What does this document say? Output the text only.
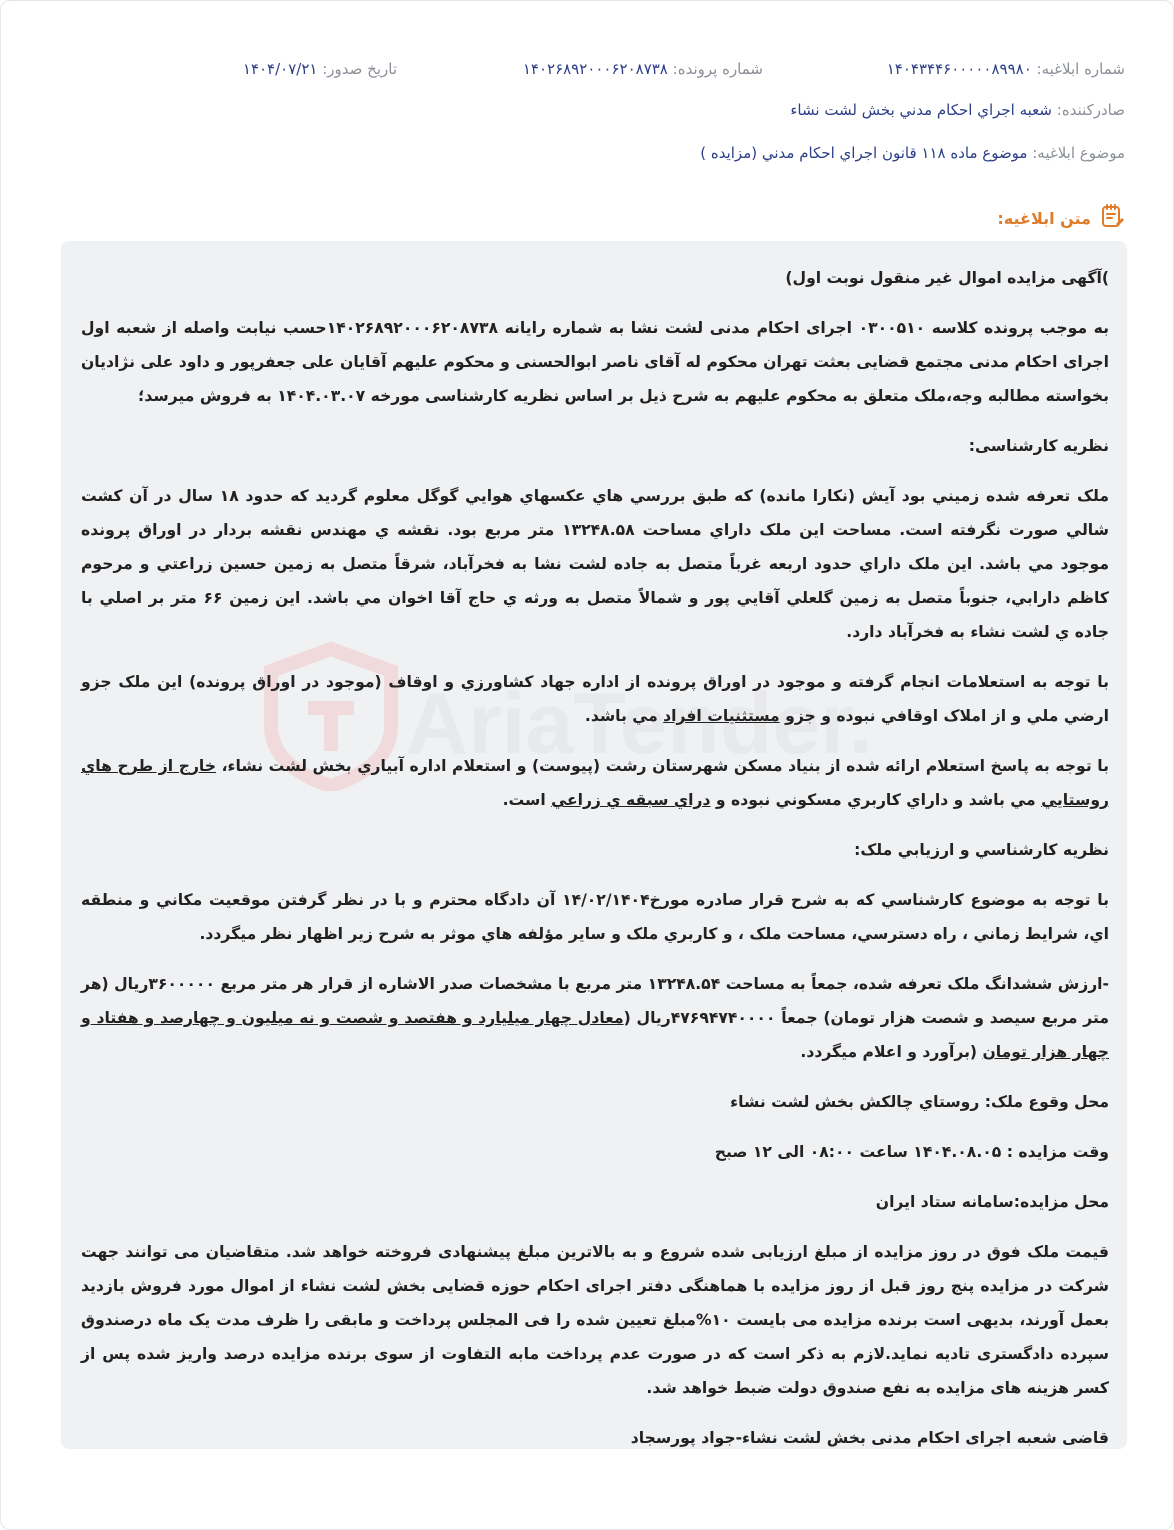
شماره ابلاغیه: ۱۴۰۴۳۴۴۶۰۰۰۰۰۸۹۹۸۰
شماره پرونده: ۱۴۰۲۶۸۹۲۰۰۰۶۲۰۸۷۳۸
تاریخ صدور: ۱۴۰۴/۰۷/۲۱
صادرکننده: شعبه اجراي احکام مدني بخش لشت نشاء
موضوع ابلاغیه: موضوع ماده ۱۱۸ قانون اجراي احکام مدني (مزايده )
متن ابلاغیه:
AriaTender.

)آگهی مزایده اموال غیر منقول نوبت اول)

به موجب پرونده کلاسه ۰۳۰۰۵۱۰ اجرای احکام مدنی لشت نشا به شماره رایانه ۱۴۰۲۶۸۹۲۰۰۰۶۲۰۸۷۳۸حسب نیابت واصله از شعبه اول اجرای احکام مدنی مجتمع قضایی بعثت تهران محکوم له آقای ناصر ابوالحسنی و محکوم علیهم آقایان علی جعفرپور و داود علی نژادیان بخواسته مطالبه وجه،ملک متعلق به محکوم علیهم به شرح ذیل بر اساس نظریه کارشناسی مورخه ۱۴۰۴.۰۳.۰۷ به فروش میرسد؛

نظریه کارشناسی:

ملک تعرفه شده زميني بود آيش (نکارا مانده) که طبق بررسي هاي عکسهاي هوايي گوگل معلوم گرديد که حدود ۱۸ سال در آن کشت شالي صورت نگرفته است. مساحت اين ملک داراي مساحت ۱۳۲۴۸.۵۸ متر مربع بود. نقشه ي مهندس نقشه بردار در اوراق پرونده موجود مي باشد. اين ملک داراي حدود اربعه غرباً متصل به جاده لشت نشا به فخرآباد، شرقاً متصل به زمين حسين زراعتي و مرحوم کاظم دارابي، جنوباً متصل به زمين گلعلي آقايي پور و شمالاً متصل به ورثه ي حاج آقا اخوان مي باشد. اين زمين ۶۶ متر بر اصلي با جاده ي لشت نشاء به فخرآباد دارد.

با توجه به استعلامات انجام گرفته و موجود در اوراق پرونده از اداره جهاد کشاورزي و اوقاف (موجود در اوراق پرونده) اين ملک جزو ارضي ملي و از املاک اوقافي نبوده و جزو مستثنيات افراد مي باشد.

با توجه به پاسخ استعلام ارائه شده از بنياد مسکن شهرستان رشت (پيوست) و استعلام اداره آبياري بخش لشت نشاء، خارج از طرح هاي روستايي مي باشد و داراي کاربري مسکوني نبوده و دراي سبقه ي زراعي است.

نظريه کارشناسي و ارزيابي ملک:

با توجه به موضوع کارشناسي که به شرح قرار صادره مورخ۱۴/۰۲/۱۴۰۴ آن دادگاه محترم و با در نظر گرفتن موقعيت مکاني و منطقه اي، شرايط زماني ، راه دسترسي، مساحت ملک ، و کاربري ملک و ساير مؤلفه هاي موثر به شرح زير اظهار نظر ميگردد.

-ارزش ششدانگ ملک تعرفه شده، جمعاً به مساحت ۱۳۲۴۸.۵۴ متر مربع با مشخصات صدر الاشاره از قرار هر متر مربع ۳۶۰۰۰۰۰ريال (هر متر مربع سيصد و شصت هزار تومان) جمعاً ۴۷۶۹۴۷۴۰۰۰۰ريال (معادل چهار ميليارد و هفتصد و شصت و نه ميليون و چهارصد و هفتاد و چهار هزار تومان (برآورد و اعلام ميگردد.

محل وقوع ملک: روستاي چالکش بخش لشت نشاء

وقت مزايده : ۱۴۰۴.۰۸.۰۵ ساعت ۰۸:۰۰ الی ۱۲ صبح

محل مزايده:سامانه ستاد ايران

قیمت ملک فوق در روز مزایده از مبلغ ارزیابی شده شروع و به بالاترین مبلغ پیشنهادی فروخته خواهد شد. متقاضیان می توانند جهت شرکت در مزایده پنج روز قبل از روز مزایده با هماهنگی دفتر اجرای احکام حوزه قضایی بخش لشت نشاء از اموال مورد فروش بازدید بعمل آورند، بدیهی است برنده مزایده می بایست ۱۰%مبلغ تعیین شده را فی المجلس پرداخت و مابقی را ظرف مدت یک ماه درصندوق سپرده دادگستری تادیه نماید.لازم به ذکر است که در صورت عدم پرداخت مابه التفاوت از سوی برنده مزایده درصد واریز شده پس از کسر هزینه های مزایده به نفع صندوق دولت ضبط خواهد شد.

قاضی شعبه اجرای احکام مدنی بخش لشت نشاء-جواد پورسجاد
